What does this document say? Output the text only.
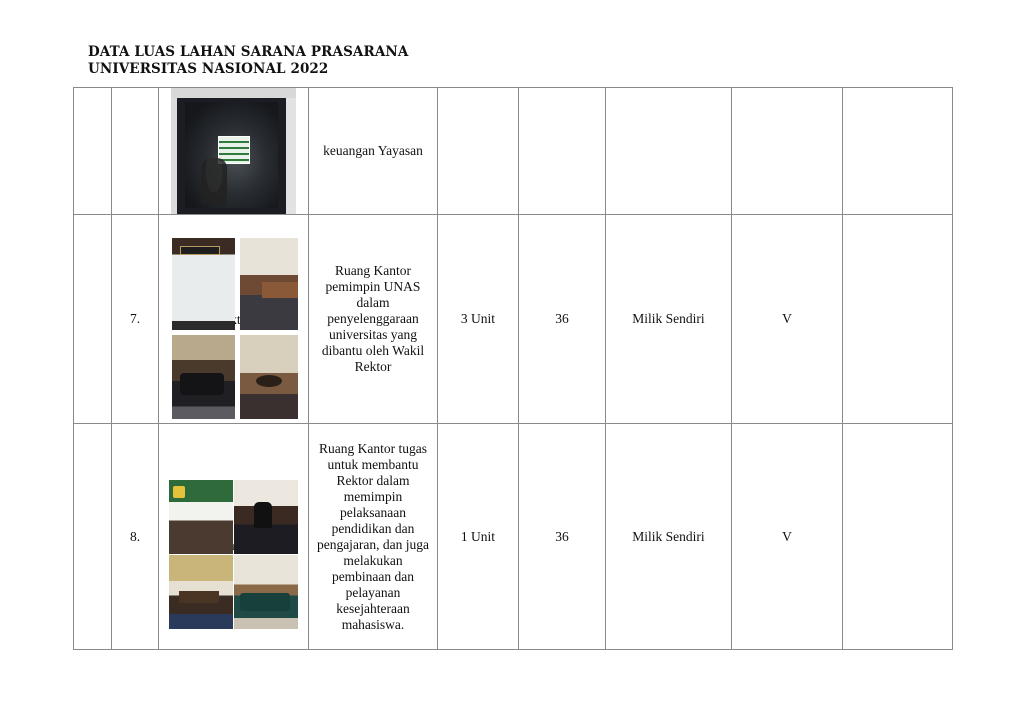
DATA LUAS LAHAN SARANA PRASARANA
UNIVERSITAS NASIONAL 2022

			keuangan Yayasan					

	7.		Ruang Kantor pemimpin UNAS dalam penyelenggaraan universitas yang dibantu oleh Wakil Rektor	3 Unit	36	Milik Sendiri	V	
	8.		Ruang Kantor tugas untuk membantu Rektor dalam memimpin pelaksanaan pendidikan dan pengajaran, dan juga melakukan pembinaan dan pelayanan kesejahteraan mahasiswa.	1 Unit	36	Milik Sendiri	V	
